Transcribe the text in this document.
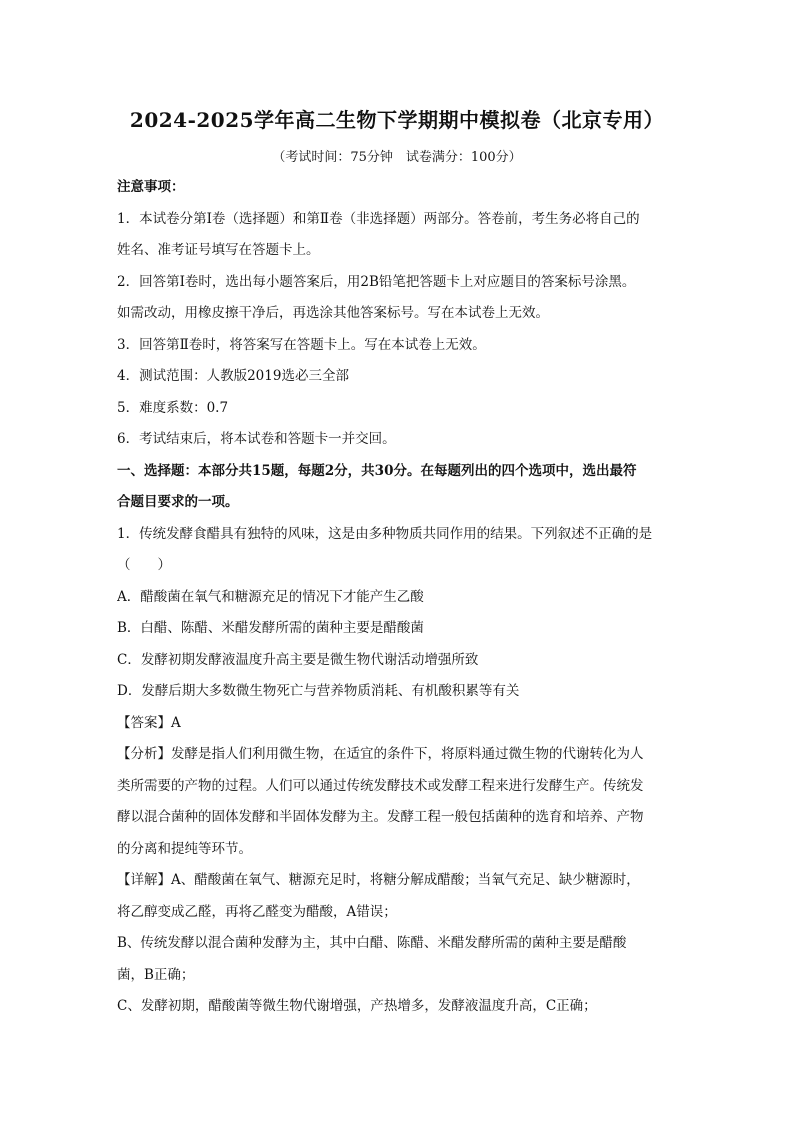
2024-2025学年高二生物下学期期中模拟卷（北京专用）
（考试时间：75分钟　试卷满分：100分）
注意事项：
1．本试卷分第Ⅰ卷（选择题）和第Ⅱ卷（非选择题）两部分。答卷前，考生务必将自己的
姓名、准考证号填写在答题卡上。
2．回答第Ⅰ卷时，选出每小题答案后，用2B铅笔把答题卡上对应题目的答案标号涂黑。
如需改动，用橡皮擦干净后，再选涂其他答案标号。写在本试卷上无效。
3．回答第Ⅱ卷时，将答案写在答题卡上。写在本试卷上无效。
4．测试范围：人教版2019选必三全部
5．难度系数：0.7
6．考试结束后，将本试卷和答题卡一并交回。
一、选择题：本部分共15题，每题2分，共30分。在每题列出的四个选项中，选出最符
合题目要求的一项。
1．传统发酵食醋具有独特的风味，这是由多种物质共同作用的结果。下列叙述不正确的是
（　　）
A．醋酸菌在氧气和糖源充足的情况下才能产生乙酸
B．白醋、陈醋、米醋发酵所需的菌种主要是醋酸菌
C．发酵初期发酵液温度升高主要是微生物代谢活动增强所致
D．发酵后期大多数微生物死亡与营养物质消耗、有机酸积累等有关
【答案】A
【分析】发酵是指人们利用微生物，在适宜的条件下，将原料通过微生物的代谢转化为人
类所需要的产物的过程。人们可以通过传统发酵技术或发酵工程来进行发酵生产。传统发
酵以混合菌种的固体发酵和半固体发酵为主。发酵工程一般包括菌种的选育和培养、产物
的分离和提纯等环节。
【详解】A、醋酸菌在氧气、糖源充足时，将糖分解成醋酸；当氧气充足、缺少糖源时，
将乙醇变成乙醛，再将乙醛变为醋酸，A错误；
B、传统发酵以混合菌种发酵为主，其中白醋、陈醋、米醋发酵所需的菌种主要是醋酸
菌，B正确；
C、发酵初期，醋酸菌等微生物代谢增强，产热增多，发酵液温度升高，C正确；
